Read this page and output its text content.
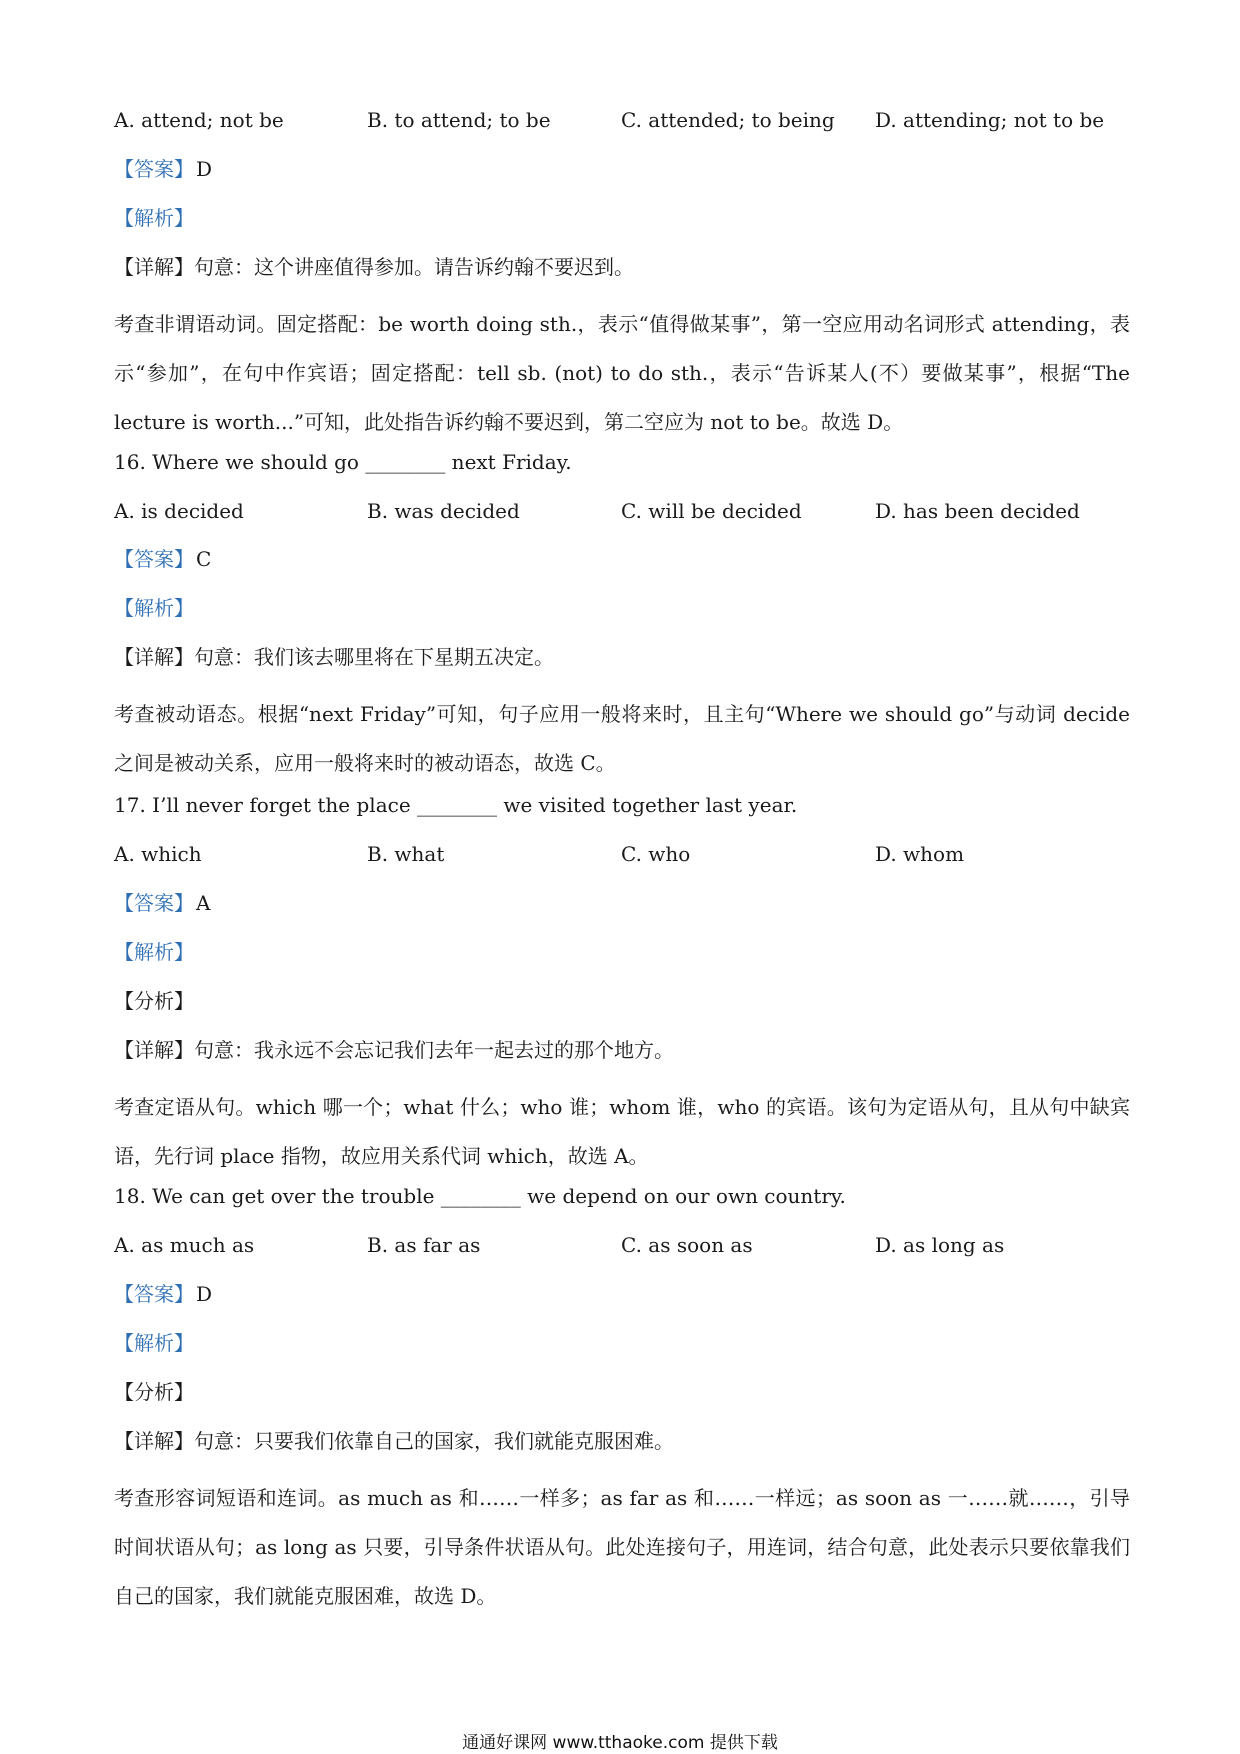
A. attend; not be	B. to attend; to be	C. attended; to being D. attending; not to be
【答案】 D
【解析】
【详解】句意：这个讲座值得参加。请告诉约翰不要迟到。
考查非谓语动词。固定搭配：be worth doing sth.，表示“值得做某事”，第一空应用动名词形式 attending，表示“参加”，在句中作宾语；固定搭配：tell sb. (not) to do sth.，表示“告诉某人(不）要做某事”，根据“The lecture is worth...”可知，此处指告诉约翰不要迟到，第二空应为 not to be。故选 D。
16. Where we should go ________ next Friday.
A. is decided	B. was decided	C. will be decided	D. has been decided
【答案】 C
【解析】
【详解】句意：我们该去哪里将在下星期五决定。
考查被动语态。根据“next Friday”可知，句子应用一般将来时，且主句“Where we should go”与动词 decide 之间是被动关系，应用一般将来时的被动语态，故选 C。
17. I’ll never forget the place ________ we visited together last year.
A. which	B. what	C. who	D. whom
【答案】 A
【解析】
【分析】
【详解】句意：我永远不会忘记我们去年一起去过的那个地方。
考查定语从句。which 哪一个；what 什么；who 谁；whom 谁，who 的宾语。该句为定语从句，且从句中缺宾语，先行词 place 指物，故应用关系代词 which，故选 A。
18. We can get over the trouble ________ we depend on our own country.
A. as much as	B. as far as	C. as soon as	D. as long as
【答案】 D
【解析】
【分析】
【详解】句意：只要我们依靠自己的国家，我们就能克服困难。
考查形容词短语和连词。as much as 和……一样多；as far as 和……一样远；as soon as 一……就……，引导时间状语从句；as long as 只要，引导条件状语从句。此处连接句子，用连词，结合句意，此处表示只要依靠我们自己的国家，我们就能克服困难，故选 D。
通通好课网 www.tthaoke.com 提供下载
